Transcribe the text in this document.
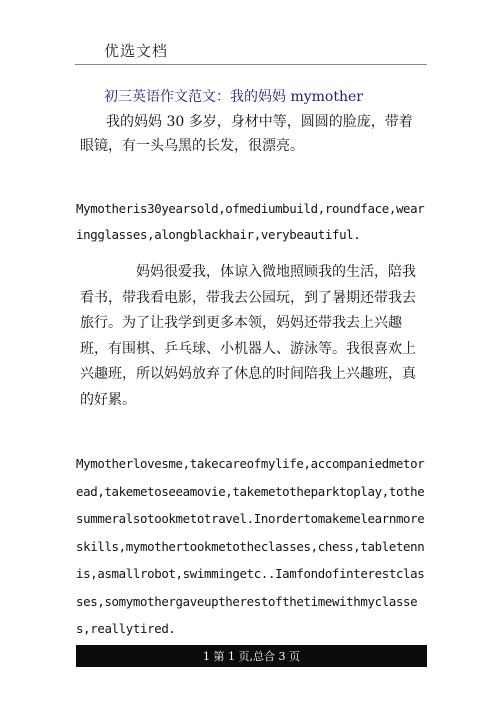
优选文档
初三英语作文范文：我的妈妈 mymother

我的妈妈 30 多岁，身材中等，圆圆的脸庞，带着眼镜，有一头乌黑的长发，很漂亮。

Mymotheris30yearsold,ofmediumbuild,roundface,wearingglasses,alongblackhair,verybeautiful.

妈妈很爱我，体谅入微地照顾我的生活，陪我看书，带我看电影，带我去公园玩，到了暑期还带我去旅行。为了让我学到更多本领，妈妈还带我去上兴趣班，有围棋、乒乓球、小机器人、游泳等。我很喜欢上兴趣班，所以妈妈放弃了休息的时间陪我上兴趣班，真的好累。

Mymotherlovesme,takecareofmylife,accompaniedmetoread,takemetoseeamovie,takemetotheparktoplay,tothesummeralsotookmetotravel.Inordertomakemelearnmoreskills,mymothertookmetotheclasses,chess,tabletennis,asmallrobot,swimmingetc..Iamfondofinterestclasses,somymothergaveuptherestofthetimewithmyclasses,reallytired.

1 第 1 页,总合 3 页
